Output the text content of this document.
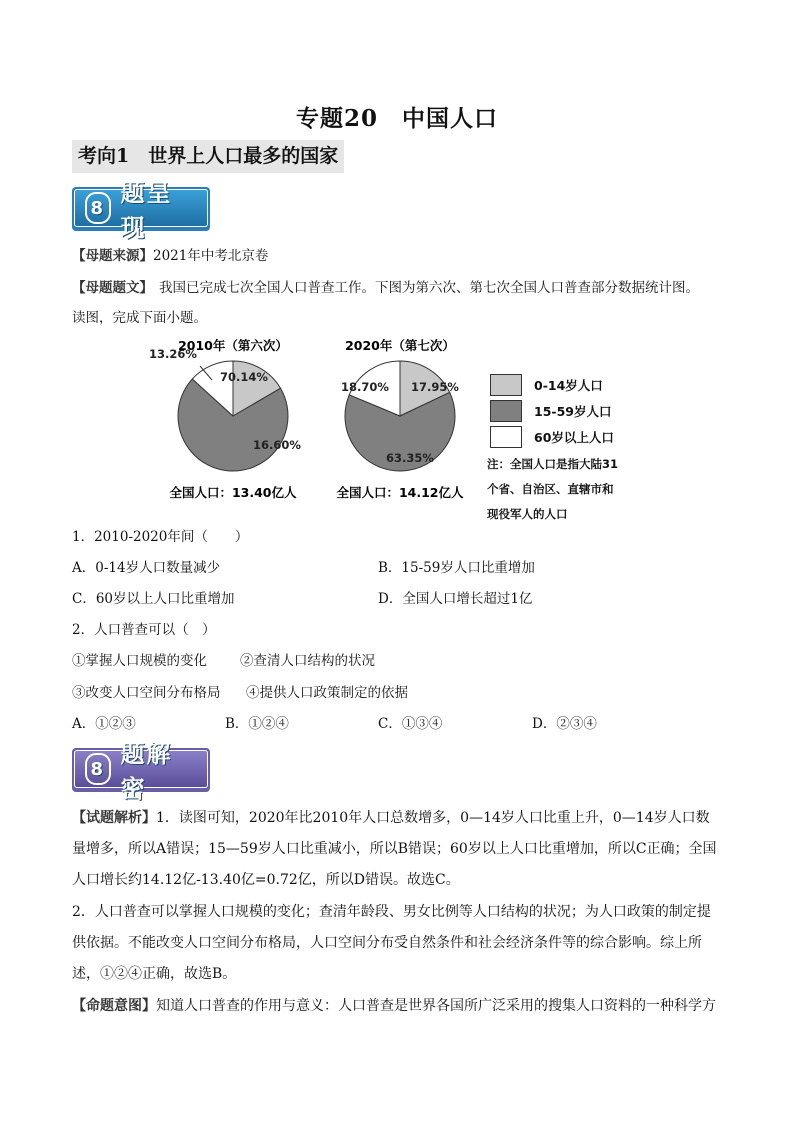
专题20　中国人口
考向1　世界上人口最多的国家
8
题呈现
【母题来源】2021年中考北京卷
【母题题文】 我国已完成七次全国人口普查工作。下图为第六次、第七次全国人口普查部分数据统计图。
读图，完成下面小题。
16.60%
70.14%
13.26%
2010年（第六次）
全国人口：13.40亿人
17.95%
63.35%
18.70%
2020年（第七次）
全国人口：14.12亿人
0-14岁人口
15-59岁人口
60岁以上人口
注：全国人口是指大陆31
个省、自治区、直辖市和
现役军人的人口
1．2010-2020年间（　　）
A．0-14岁人口数量减少	B．15-59岁人口比重增加
C．60岁以上人口比重增加	D．全国人口增长超过1亿
2．人口普查可以（　）
①掌握人口规模的变化 ②查清人口结构的状况
③改变人口空间分布格局 ④提供人口政策制定的依据
A．①②③	B．①②④	C．①③④	D．②③④
8
题解密
【试题解析】1．读图可知，2020年比2010年人口总数增多，0—14岁人口比重上升，0—14岁人口数量增多，所以A错误；15—59岁人口比重减小，所以B错误；60岁以上人口比重增加，所以C正确；全国人口增长约14.12亿-13.40亿=0.72亿，所以D错误。故选C。
2．人口普查可以掌握人口规模的变化；查清年龄段、男女比例等人口结构的状况；为人口政策的制定提供依据。不能改变人口空间分布格局，人口空间分布受自然条件和社会经济条件等的综合影响。综上所述，①②④正确，故选B。
【命题意图】知道人口普查的作用与意义：人口普查是世界各国所广泛采用的搜集人口资料的一种科学方
